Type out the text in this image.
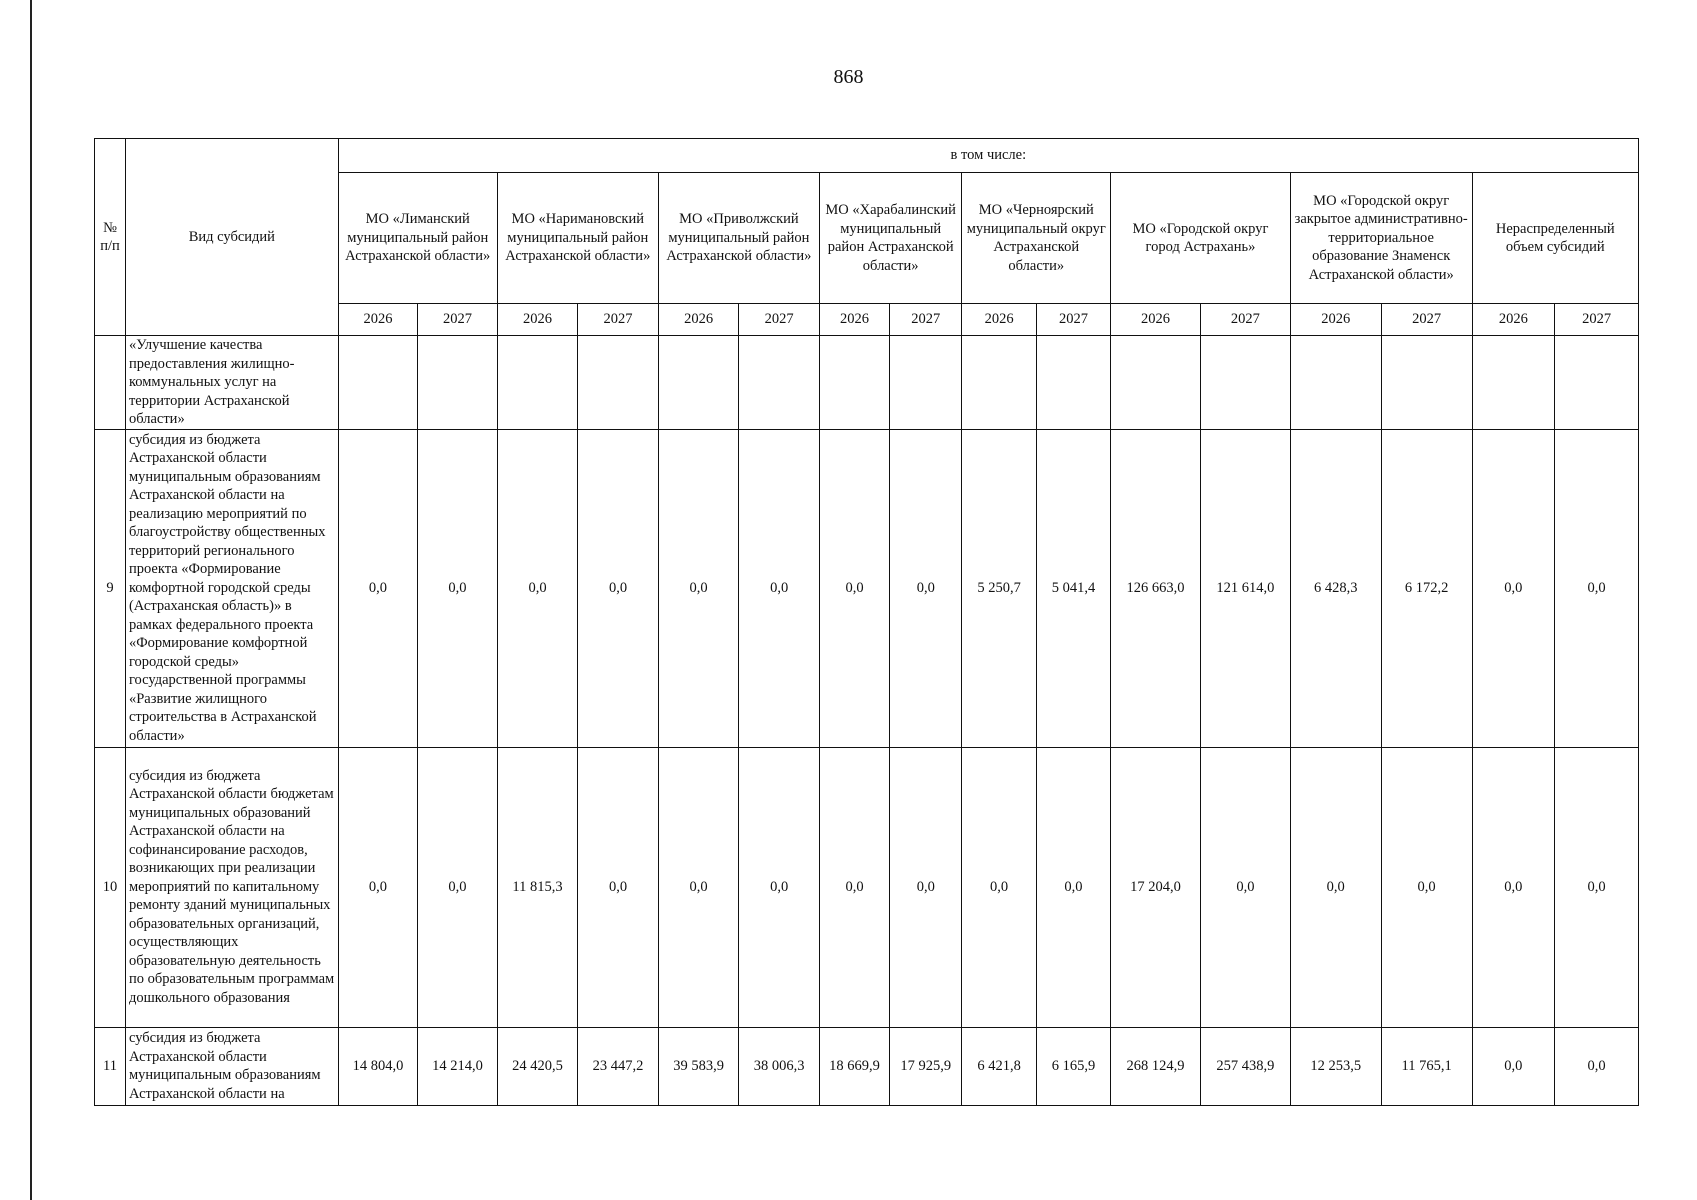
868
№ п/п	Вид субсидий	в том числе:															
		МО «Лиманский муниципальный район Астраханской области»		МО «Наримановский муниципальный район Астраханской области»		МО «Приволжский муниципальный район Астраханской области»		МО «Харабалинский муниципальный район Астраханской области»		МО «Черноярский муниципальный округ Астраханской области»		МО «Городской округ город Астрахань»		МО «Городской округ закрытое административно-территориальное образование Знаменск Астраханской области»		Нераспределенный объем субсидий	
		2026	2027	2026	2027	2026	2027	2026	2027	2026	2027	2026	2027	2026	2027	2026	2027
	«Улучшение качества предоставления жилищно-коммунальных услуг на территории Астраханской области»																
9	субсидия из бюджета Астраханской области муниципальным образованиям Астраханской области на реализацию мероприятий по благоустройству общественных территорий регионального проекта «Формирование комфортной городской среды (Астраханская область)» в рамках федерального проекта «Формирование комфортной городской среды» государственной программы «Развитие жилищного строительства в Астраханской области»	0,0	0,0	0,0	0,0	0,0	0,0	0,0	0,0	5 250,7	5 041,4	126 663,0	121 614,0	6 428,3	6 172,2	0,0	0,0
10	субсидия из бюджета Астраханской области бюджетам муниципальных образований Астраханской области на софинансирование расходов, возникающих при реализации мероприятий по капитальному ремонту зданий муниципальных образовательных организаций, осуществляющих образовательную деятельность по образовательным программам дошкольного образования	0,0	0,0	11 815,3	0,0	0,0	0,0	0,0	0,0	0,0	0,0	17 204,0	0,0	0,0	0,0	0,0	0,0
11	субсидия из бюджета Астраханской области муниципальным образованиям Астраханской области на	14 804,0	14 214,0	24 420,5	23 447,2	39 583,9	38 006,3	18 669,9	17 925,9	6 421,8	6 165,9	268 124,9	257 438,9	12 253,5	11 765,1	0,0	0,0
